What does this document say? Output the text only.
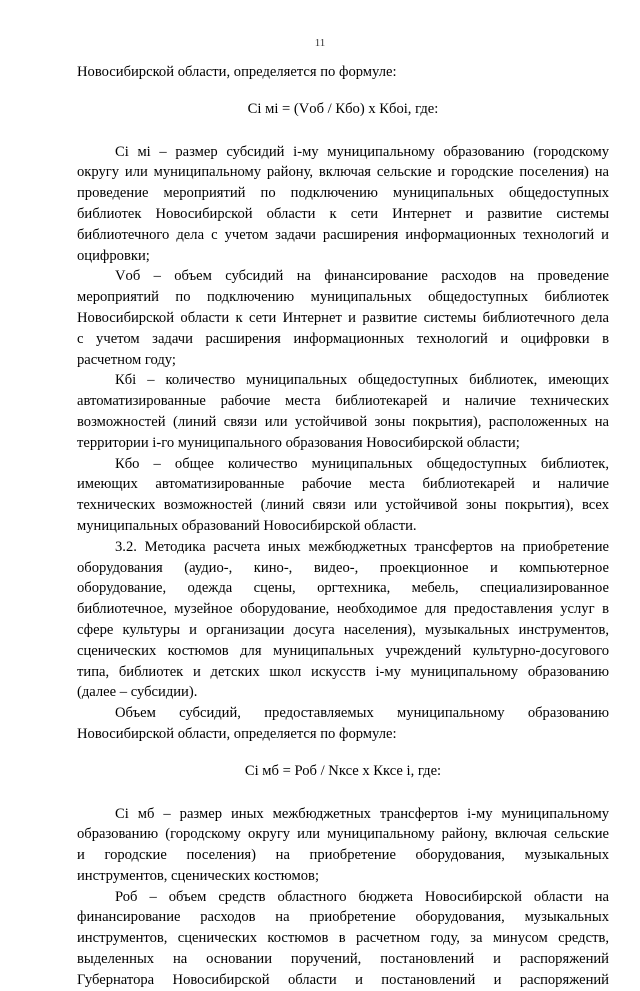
11
Новосибирской области, определяется по формуле:
Ci мi = (Vоб / Кбо) х Кбоi, где:
Ci мi – размер субсидий i-му муниципальному образованию (городскому
округу или муниципальному району, включая сельские и городские поселения) на
проведение мероприятий по подключению муниципальных общедоступных
библиотек Новосибирской области к сети Интернет и развитие системы
библиотечного дела с учетом задачи расширения информационных технологий и
оцифровки;
Vоб – объем субсидий на финансирование расходов на проведение
мероприятий по подключению муниципальных общедоступных библиотек
Новосибирской области к сети Интернет и развитие системы библиотечного дела
с учетом задачи расширения информационных технологий и оцифровки в
расчетном году;
Кбi – количество муниципальных общедоступных библиотек, имеющих
автоматизированные рабочие места библиотекарей и наличие технических
возможностей (линий связи или устойчивой зоны покрытия), расположенных на
территории i-го муниципального образования Новосибирской области;
Кбо – общее количество муниципальных общедоступных библиотек,
имеющих автоматизированные рабочие места библиотекарей и наличие
технических возможностей (линий связи или устойчивой зоны покрытия), всех
муниципальных образований Новосибирской области.
3.2. Методика расчета иных межбюджетных трансфертов на приобретение
оборудования (аудио-, кино-, видео-, проекционное и компьютерное
оборудование, одежда сцены, оргтехника, мебель, специализированное
библиотечное, музейное оборудование, необходимое для предоставления услуг в
сфере культуры и организации досуга населения), музыкальных инструментов,
сценических костюмов для муниципальных учреждений культурно-досугового
типа, библиотек и детских школ искусств i-му муниципальному образованию
(далее – субсидии).
Объем субсидий, предоставляемых муниципальному образованию
Новосибирской области, определяется по формуле:
Ci мб = Роб / Nксе х Кксе i, где:
Ci мб – размер иных межбюджетных трансфертов i-му муниципальному
образованию (городскому округу или муниципальному району, включая сельские
и городские поселения) на приобретение оборудования, музыкальных
инструментов, сценических костюмов;
Роб – объем средств областного бюджета Новосибирской области на
финансирование расходов на приобретение оборудования, музыкальных
инструментов, сценических костюмов в расчетном году, за минусом средств,
выделенных на основании поручений, постановлений и распоряжений
Губернатора Новосибирской области и постановлений и распоряжений
